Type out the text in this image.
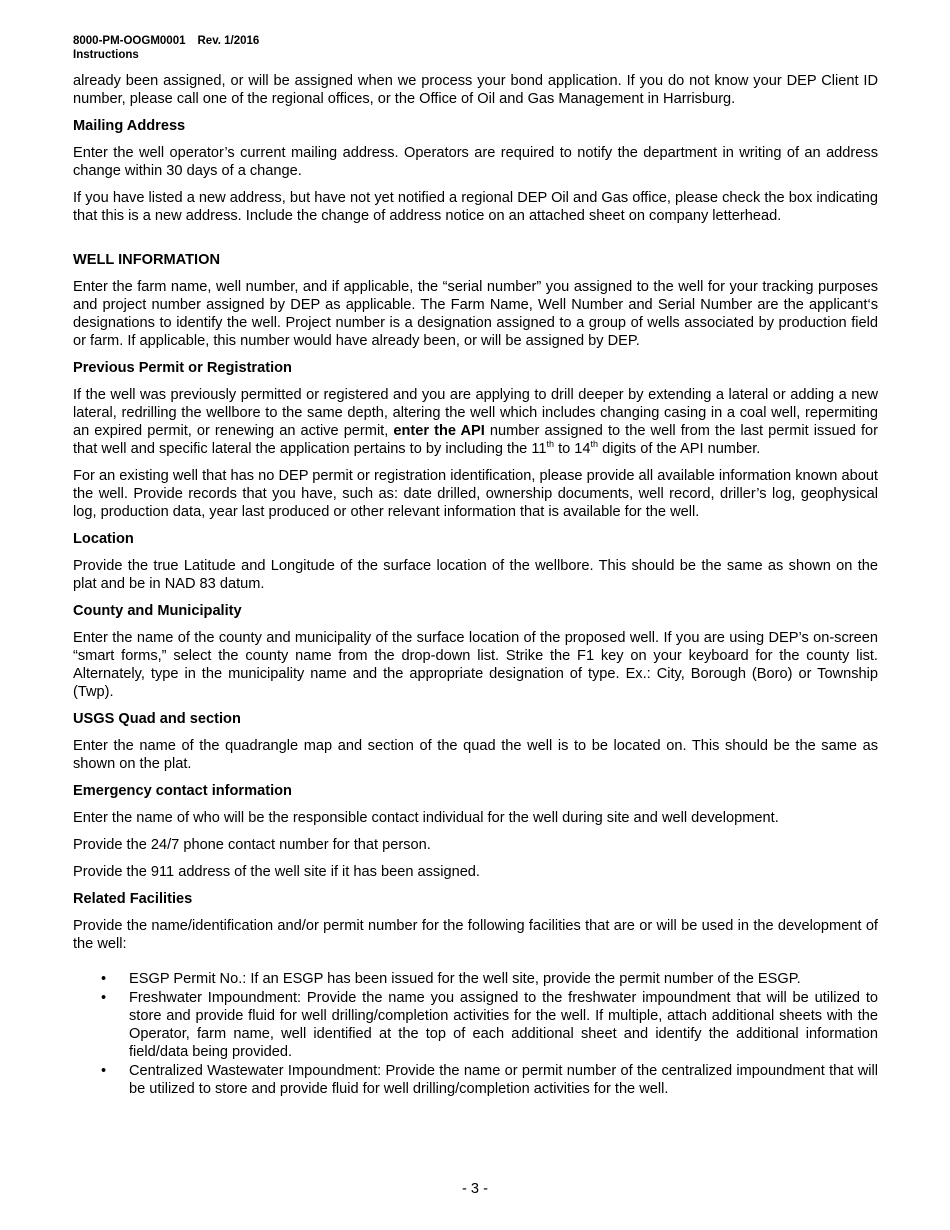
8000-PM-OOGM0001 Rev. 1/2016
Instructions

already been assigned, or will be assigned when we process your bond application. If you do not know your DEP Client ID number, please call one of the regional offices, or the Office of Oil and Gas Management in Harrisburg.

Mailing Address

Enter the well operator’s current mailing address. Operators are required to notify the department in writing of an address change within 30 days of a change.

If you have listed a new address, but have not yet notified a regional DEP Oil and Gas office, please check the box indicating that this is a new address. Include the change of address notice on an attached sheet on company letterhead.

WELL INFORMATION

Enter the farm name, well number, and if applicable, the “serial number” you assigned to the well for your tracking purposes and project number assigned by DEP as applicable. The Farm Name, Well Number and Serial Number are the applicant‘s designations to identify the well. Project number is a designation assigned to a group of wells associated by production field or farm. If applicable, this number would have already been, or will be assigned by DEP.

Previous Permit or Registration

If the well was previously permitted or registered and you are applying to drill deeper by extending a lateral or adding a new lateral, redrilling the wellbore to the same depth, altering the well which includes changing casing in a coal well, repermiting an expired permit, or renewing an active permit, enter the API number assigned to the well from the last permit issued for that well and specific lateral the application pertains to by including the 11th to 14th digits of the API number.

For an existing well that has no DEP permit or registration identification, please provide all available information known about the well. Provide records that you have, such as: date drilled, ownership documents, well record, driller’s log, geophysical log, production data, year last produced or other relevant information that is available for the well.

Location

Provide the true Latitude and Longitude of the surface location of the wellbore. This should be the same as shown on the plat and be in NAD 83 datum.

County and Municipality

Enter the name of the county and municipality of the surface location of the proposed well. If you are using DEP’s on-screen “smart forms,” select the county name from the drop-down list. Strike the F1 key on your keyboard for the county list. Alternately, type in the municipality name and the appropriate designation of type. Ex.: City, Borough (Boro) or Township (Twp).

USGS Quad and section

Enter the name of the quadrangle map and section of the quad the well is to be located on. This should be the same as shown on the plat.

Emergency contact information

Enter the name of who will be the responsible contact individual for the well during site and well development.

Provide the 24/7 phone contact number for that person.

Provide the 911 address of the well site if it has been assigned.

Related Facilities

Provide the name/identification and/or permit number for the following facilities that are or will be used in the development of the well:

• ESGP Permit No.: If an ESGP has been issued for the well site, provide the permit number of the ESGP.
• Freshwater Impoundment: Provide the name you assigned to the freshwater impoundment that will be utilized to store and provide fluid for well drilling/completion activities for the well. If multiple, attach additional sheets with the Operator, farm name, well identified at the top of each additional sheet and identify the additional information field/data being provided.
• Centralized Wastewater Impoundment: Provide the name or permit number of the centralized impoundment that will be utilized to store and provide fluid for well drilling/completion activities for the well.
- 3 -
